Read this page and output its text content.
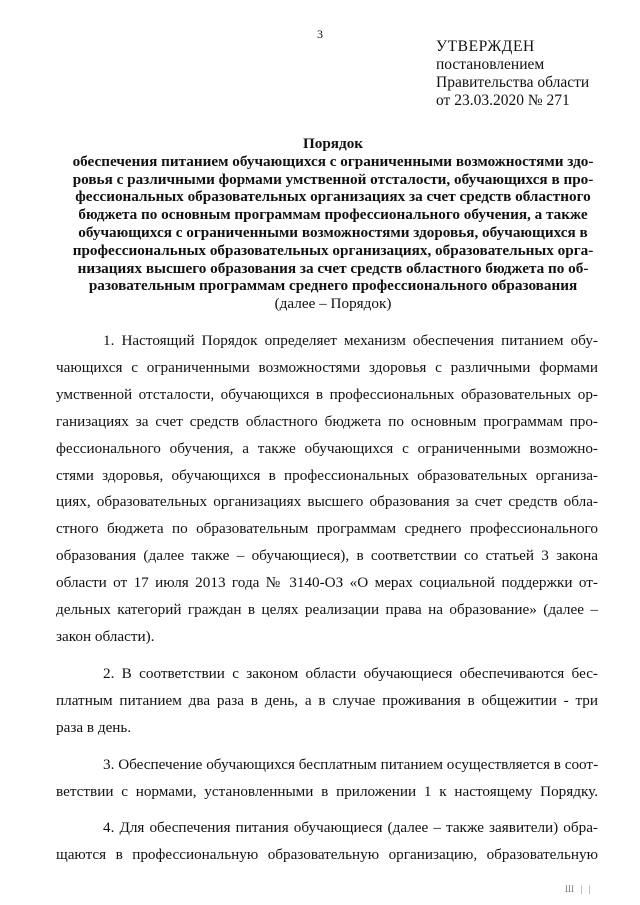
3
УТВЕРЖДЕН
постановлением
Правительства области
от 23.03.2020 № 271
Порядок
обеспечения питанием обучающихся с ограниченными возможностями здо-
ровья с различными формами умственной отсталости, обучающихся в про-
фессиональных образовательных организациях за счет средств областного
бюджета по основным программам профессионального обучения, а также
обучающихся с ограниченными возможностями здоровья, обучающихся в
профессиональных образовательных организациях, образовательных орга-
низациях высшего образования за счет средств областного бюджета по об-
разовательным программам среднего профессионального образования
(далее – Порядок)

1. Настоящий Порядок определяет механизм обеспечения питанием обу-
чающихся с ограниченными возможностями здоровья с различными формами
умственной отсталости, обучающихся в профессиональных образовательных ор-
ганизациях за счет средств областного бюджета по основным программам про-
фессионального обучения, а также обучающихся с ограниченными возможно-
стями здоровья, обучающихся в профессиональных образовательных организа-
циях, образовательных организациях высшего образования за счет средств обла-
стного бюджета по образовательным программам среднего профессионального
образования (далее также – обучающиеся), в соответствии со статьей 3 закона
области от 17 июля 2013 года № 3140-ОЗ «О мерах социальной поддержки от-
дельных категорий граждан в целях реализации права на образование» (далее –
закон области).

2. В соответствии с законом области обучающиеся обеспечиваются бес-
платным питанием два раза в день, а в случае проживания в общежитии - три
раза в день.

3. Обеспечение обучающихся бесплатным питанием осуществляется в соот-
ветствии с нормами, установленными в приложении 1 к настоящему Порядку.

4. Для обеспечения питания обучающиеся (далее – также заявители) обра-
щаются в профессиональную образовательную организацию, образовательную

Ш | |
